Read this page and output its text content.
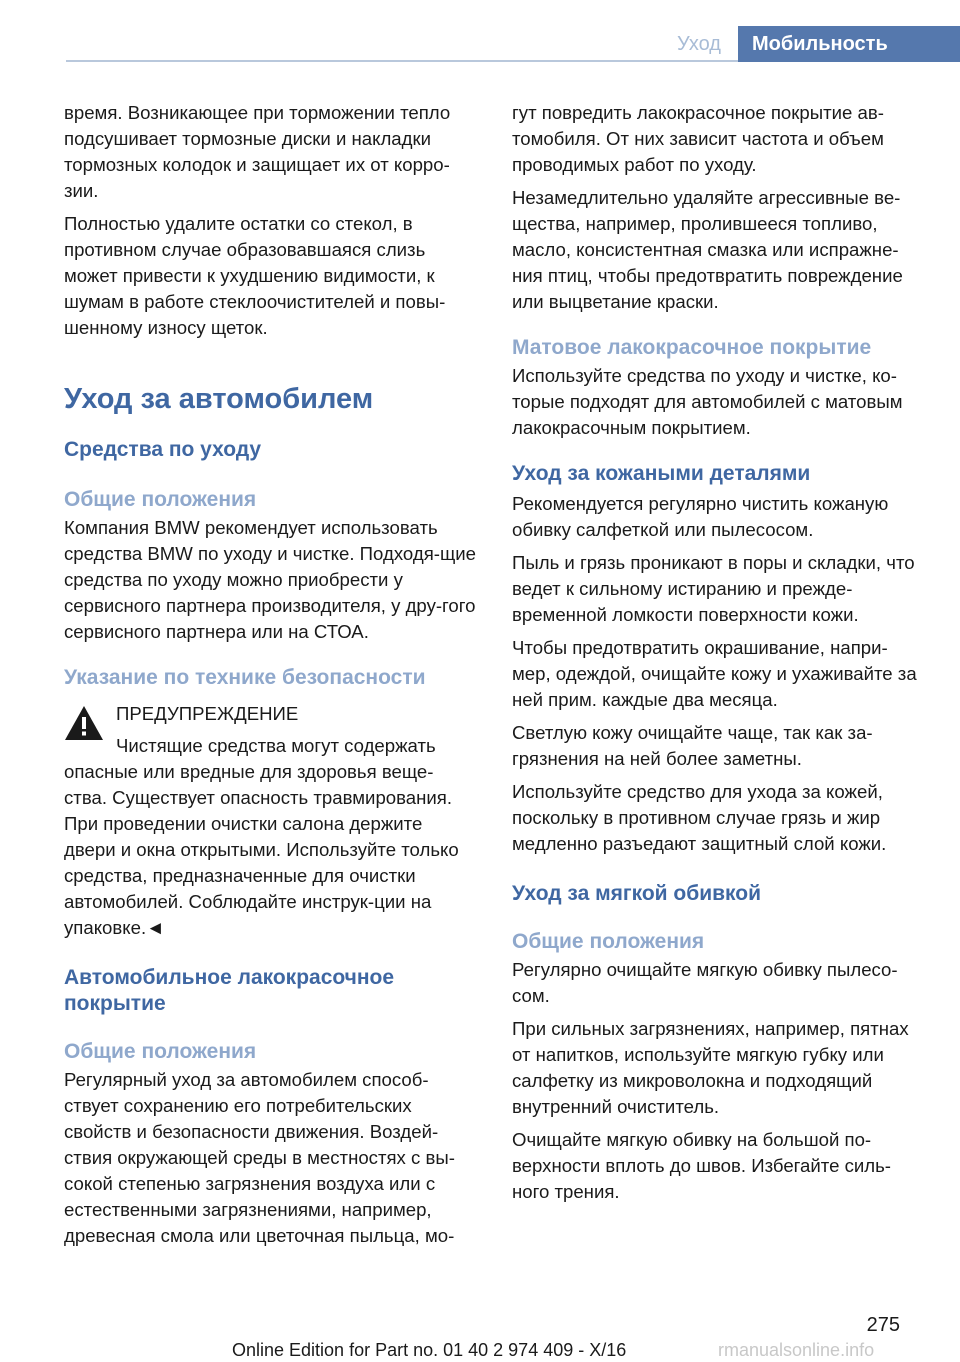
Уход	Мобильность

время. Возникающее при торможении тепло подсушивает тормозные диски и накладки тормозных колодок и защищает их от корро‐зии.

Полностью удалите остатки со стекол, в противном случае образовавшаяся слизь может привести к ухудшению видимости, к шумам в работе стеклоочистителей и повы‐шенному износу щеток.

Уход за автомобилем
Средства по уходу
Общие положения

Компания BMW рекомендует использовать средства BMW по уходу и чистке. Подходя‐щие средства по уходу можно приобрести у сервисного партнера производителя, у дру‐гого сервисного партнера или на СТОА.

Указание по технике безопасности

ПРЕДУПРЕЖДЕНИЕ

Чистящие средства могут содержать опасные или вредные для здоровья веще‐ства. Существует опасность травмирования. При проведении очистки салона держите двери и окна открытыми. Используйте только средства, предназначенные для очистки автомобилей. Соблюдайте инструк‐ции на упаковке.◄

Автомобильное лакокрасочное покрытие
Общие положения

Регулярный уход за автомобилем способ‐ствует сохранению его потребительских свойств и безопасности движения. Воздей‐ствия окружающей среды в местностях с вы‐сокой степенью загрязнения воздуха или с естественными загрязнениями, например, древесная смола или цветочная пыльца, мо‐

гут повредить лакокрасочное покрытие ав‐томобиля. От них зависит частота и объем проводимых работ по уходу.

Незамедлительно удаляйте агрессивные ве‐щества, например, пролившееся топливо, масло, консистентная смазка или испражне‐ния птиц, чтобы предотвратить повреждение или выцветание краски.

Матовое лакокрасочное покрытие

Используйте средства по уходу и чистке, ко‐торые подходят для автомобилей с матовым лакокрасочным покрытием.

Уход за кожаными деталями

Рекомендуется регулярно чистить кожаную обивку салфеткой или пылесосом.

Пыль и грязь проникают в поры и складки, что ведет к сильному истиранию и прежде‐временной ломкости поверхности кожи.

Чтобы предотвратить окрашивание, напри‐мер, одеждой, очищайте кожу и ухаживайте за ней прим. каждые два месяца.

Светлую кожу очищайте чаще, так как за‐грязнения на ней более заметны.

Используйте средство для ухода за кожей, поскольку в противном случае грязь и жир медленно разъедают защитный слой кожи.

Уход за мягкой обивкой
Общие положения

Регулярно очищайте мягкую обивку пылесо‐сом.

При сильных загрязнениях, например, пятнах от напитков, используйте мягкую губку или салфетку из микроволокна и подходящий внутренний очиститель.

Очищайте мягкую обивку на большой по‐верхности вплоть до швов. Избегайте силь‐ного трения.

275
Online Edition for Part no. 01 40 2 974 409 - X/16	rmanualsonline.info
